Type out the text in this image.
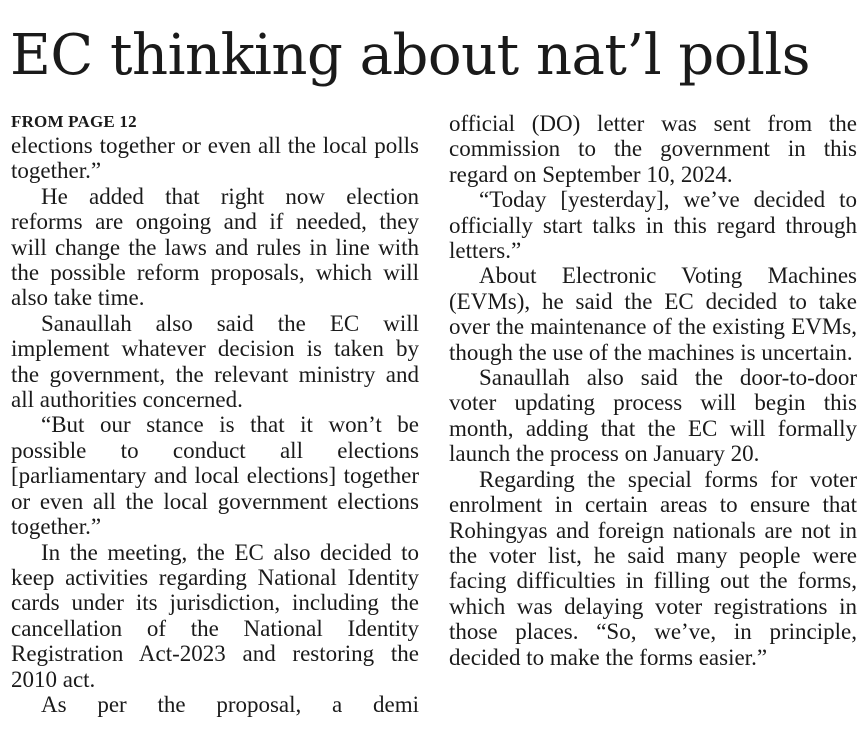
EC thinking about nat’l polls
FROM PAGE 12

elections together or even all the local polls together.”

He added that right now election reforms are ongoing and if needed, they will change the laws and rules in line with the possible reform proposals, which will also take time.

Sanaullah also said the EC will implement whatever decision is taken by the government, the relevant ministry and all authorities concerned.

“But our stance is that it won’t be possible to conduct all elections [parliamentary and local elections] together or even all the local government elections together.”

In the meeting, the EC also decided to keep activities regarding National Identity cards under its jurisdiction, including the cancellation of the National Identity Registration Act-2023 and restoring the 2010 act.

As per the proposal, a demi

official (DO) letter was sent from the commission to the government in this regard on September 10, 2024.

“Today [yesterday], we’ve decided to officially start talks in this regard through letters.”

About Electronic Voting Machines (EVMs), he said the EC decided to take over the maintenance of the existing EVMs, though the use of the machines is uncertain.

Sanaullah also said the door-to-door voter updating process will begin this month, adding that the EC will formally launch the process on January 20.

Regarding the special forms for voter enrolment in certain areas to ensure that Rohingyas and foreign nationals are not in the voter list, he said many people were facing difficulties in filling out the forms, which was delaying voter registrations in those places. “So, we’ve, in principle, decided to make the forms easier.”
